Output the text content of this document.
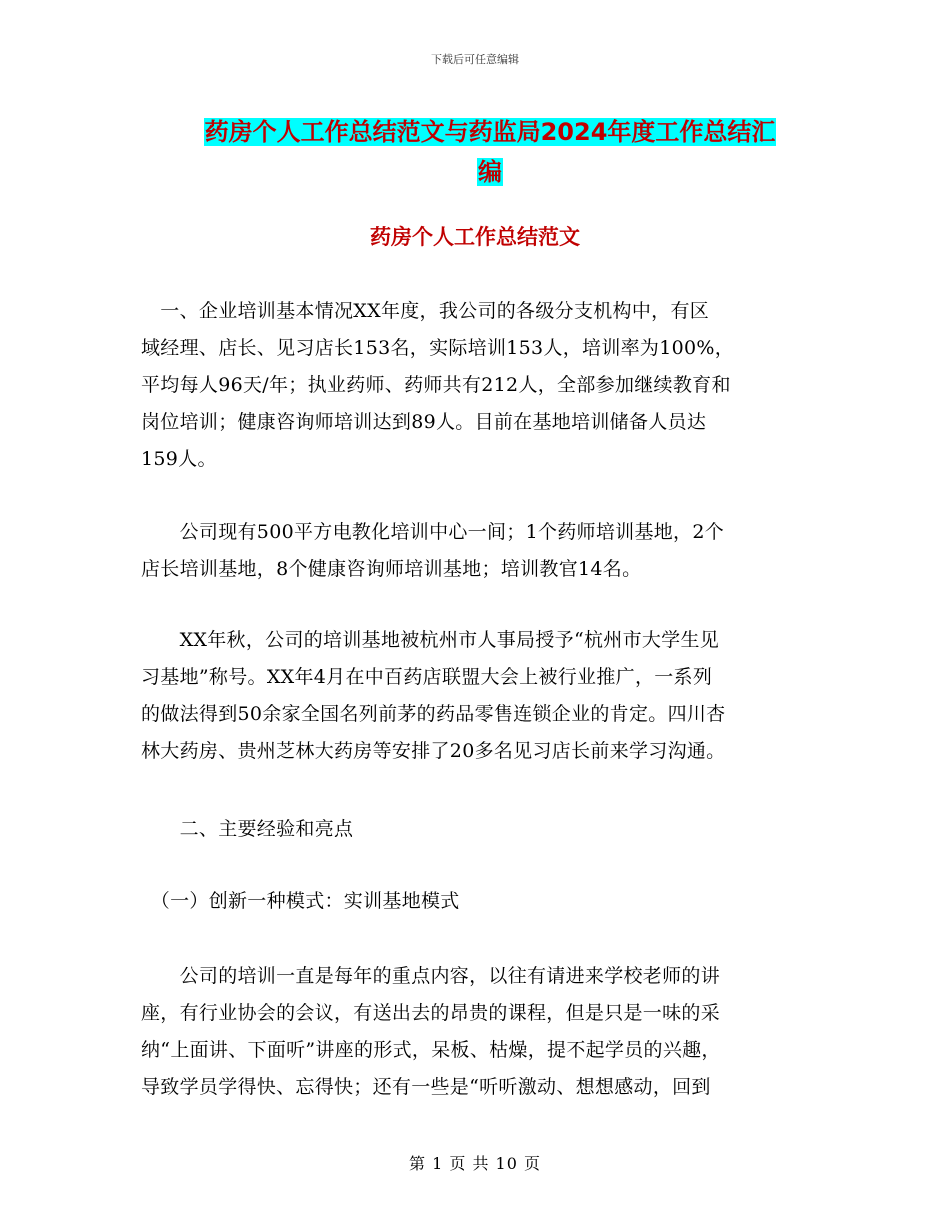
下载后可任意编辑
药房个人工作总结范文与药监局2024年度工作总结汇
编
药房个人工作总结范文

　一、企业培训基本情况XX年度，我公司的各级分支机构中，有区
域经理、店长、见习店长153名，实际培训153人，培训率为100%，
平均每人96天/年；执业药师、药师共有212人，全部参加继续教育和
岗位培训；健康咨询师培训达到89人。目前在基地培训储备人员达
159人。

　　公司现有500平方电教化培训中心一间；1个药师培训基地，2个
店长培训基地，8个健康咨询师培训基地；培训教官14名。

　　XX年秋，公司的培训基地被杭州市人事局授予“杭州市大学生见
习基地”称号。XX年4月在中百药店联盟大会上被行业推广，一系列
的做法得到50余家全国名列前茅的药品零售连锁企业的肯定。四川杏
林大药房、贵州芝林大药房等安排了20多名见习店长前来学习沟通。

　　二、主要经验和亮点

　（一）创新一种模式：实训基地模式

　　公司的培训一直是每年的重点内容，以往有请进来学校老师的讲
座，有行业协会的会议，有送出去的昂贵的课程，但是只是一味的采
纳“上面讲、下面听”讲座的形式，呆板、枯燥，提不起学员的兴趣，
导致学员学得快、忘得快；还有一些是“听听激动、想想感动，回到

第 1 页 共 10 页
